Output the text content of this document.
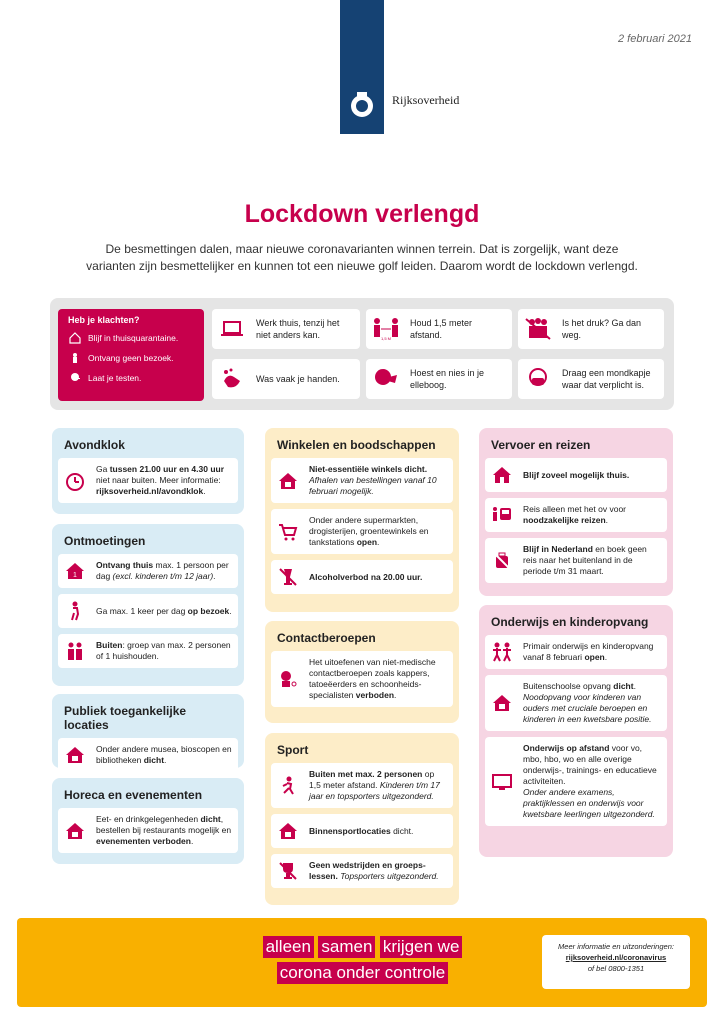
2 februari 2021
Rijksoverheid
Lockdown verlengd

De besmettingen dalen, maar nieuwe coronavarianten winnen terrein. Dat is zorgelijk, want deze varianten zijn besmettelijker en kunnen tot een nieuwe golf leiden. Daarom wordt de lockdown verlengd.

Heb je klachten?
Blijf in thuisquarantaine.
Ontvang geen bezoek.
Laat je testen.
Werk thuis, tenzij het niet anders kan.	1,5 M
Houd 1,5 meter afstand.
Is het druk? Ga dan weg.
Was vaak je handen.
Hoest en nies in je elleboog.
Draag een mondkapje waar dat verplicht is.
Avondklok
Ga tussen 21.00 uur en 4.30 uur niet naar buiten. Meer informatie: rijksoverheid.nl/avondklok.
Ontmoetingen
1
Ontvang thuis max. 1 persoon per dag (excl. kinderen t/m 12 jaar).
Ga max. 1 keer per dag op bezoek.
Buiten: groep van max. 2 personen of 1 huishouden.
Publiek toegankelijke locaties
Onder andere musea, bioscopen en bibliotheken dicht.
Horeca en evenementen
Eet- en drinkgelegenheden dicht, bestellen bij restaurants mogelijk en evenementen verboden.
Winkelen en boodschappen
Niet-essentiële winkels dicht.
Afhalen van bestellingen vanaf 10 februari mogelijk.
Onder andere supermarkten, drogisterijen, groentewinkels en tankstations open.
Alcoholverbod na 20.00 uur.
Contactberoepen
Het uitoefenen van niet-medische contactberoepen zoals kappers, tatoeëerders en schoonheids-specialisten verboden.
Sport
Buiten met max. 2 personen op 1,5 meter afstand. Kinderen t/m 17 jaar en topsporters uitgezonderd.
Binnensportlocaties dicht.
Geen wedstrijden en groeps-lessen. Topsporters uitgezonderd.
Vervoer en reizen
Blijf zoveel mogelijk thuis.
Reis alleen met het ov voor noodzakelijke reizen.
Blijf in Nederland en boek geen reis naar het buitenland in de periode t/m 31 maart.
Onderwijs en kinderopvang
Primair onderwijs en kinderopvang vanaf 8 februari open.
Buitenschoolse opvang dicht.
Noodopvang voor kinderen van ouders met cruciale beroepen en kinderen in een kwetsbare positie.
Onderwijs op afstand voor vo, mbo, hbo, wo en alle overige onderwijs-, trainings- en educatieve activiteiten.
Onder andere examens, praktijklessen en onderwijs voor kwetsbare leerlingen uitgezonderd.
alleen samen krijgen we
corona onder controle
Meer informatie en uitzonderingen:
rijksoverheid.nl/coronavirus
of bel 0800-1351
